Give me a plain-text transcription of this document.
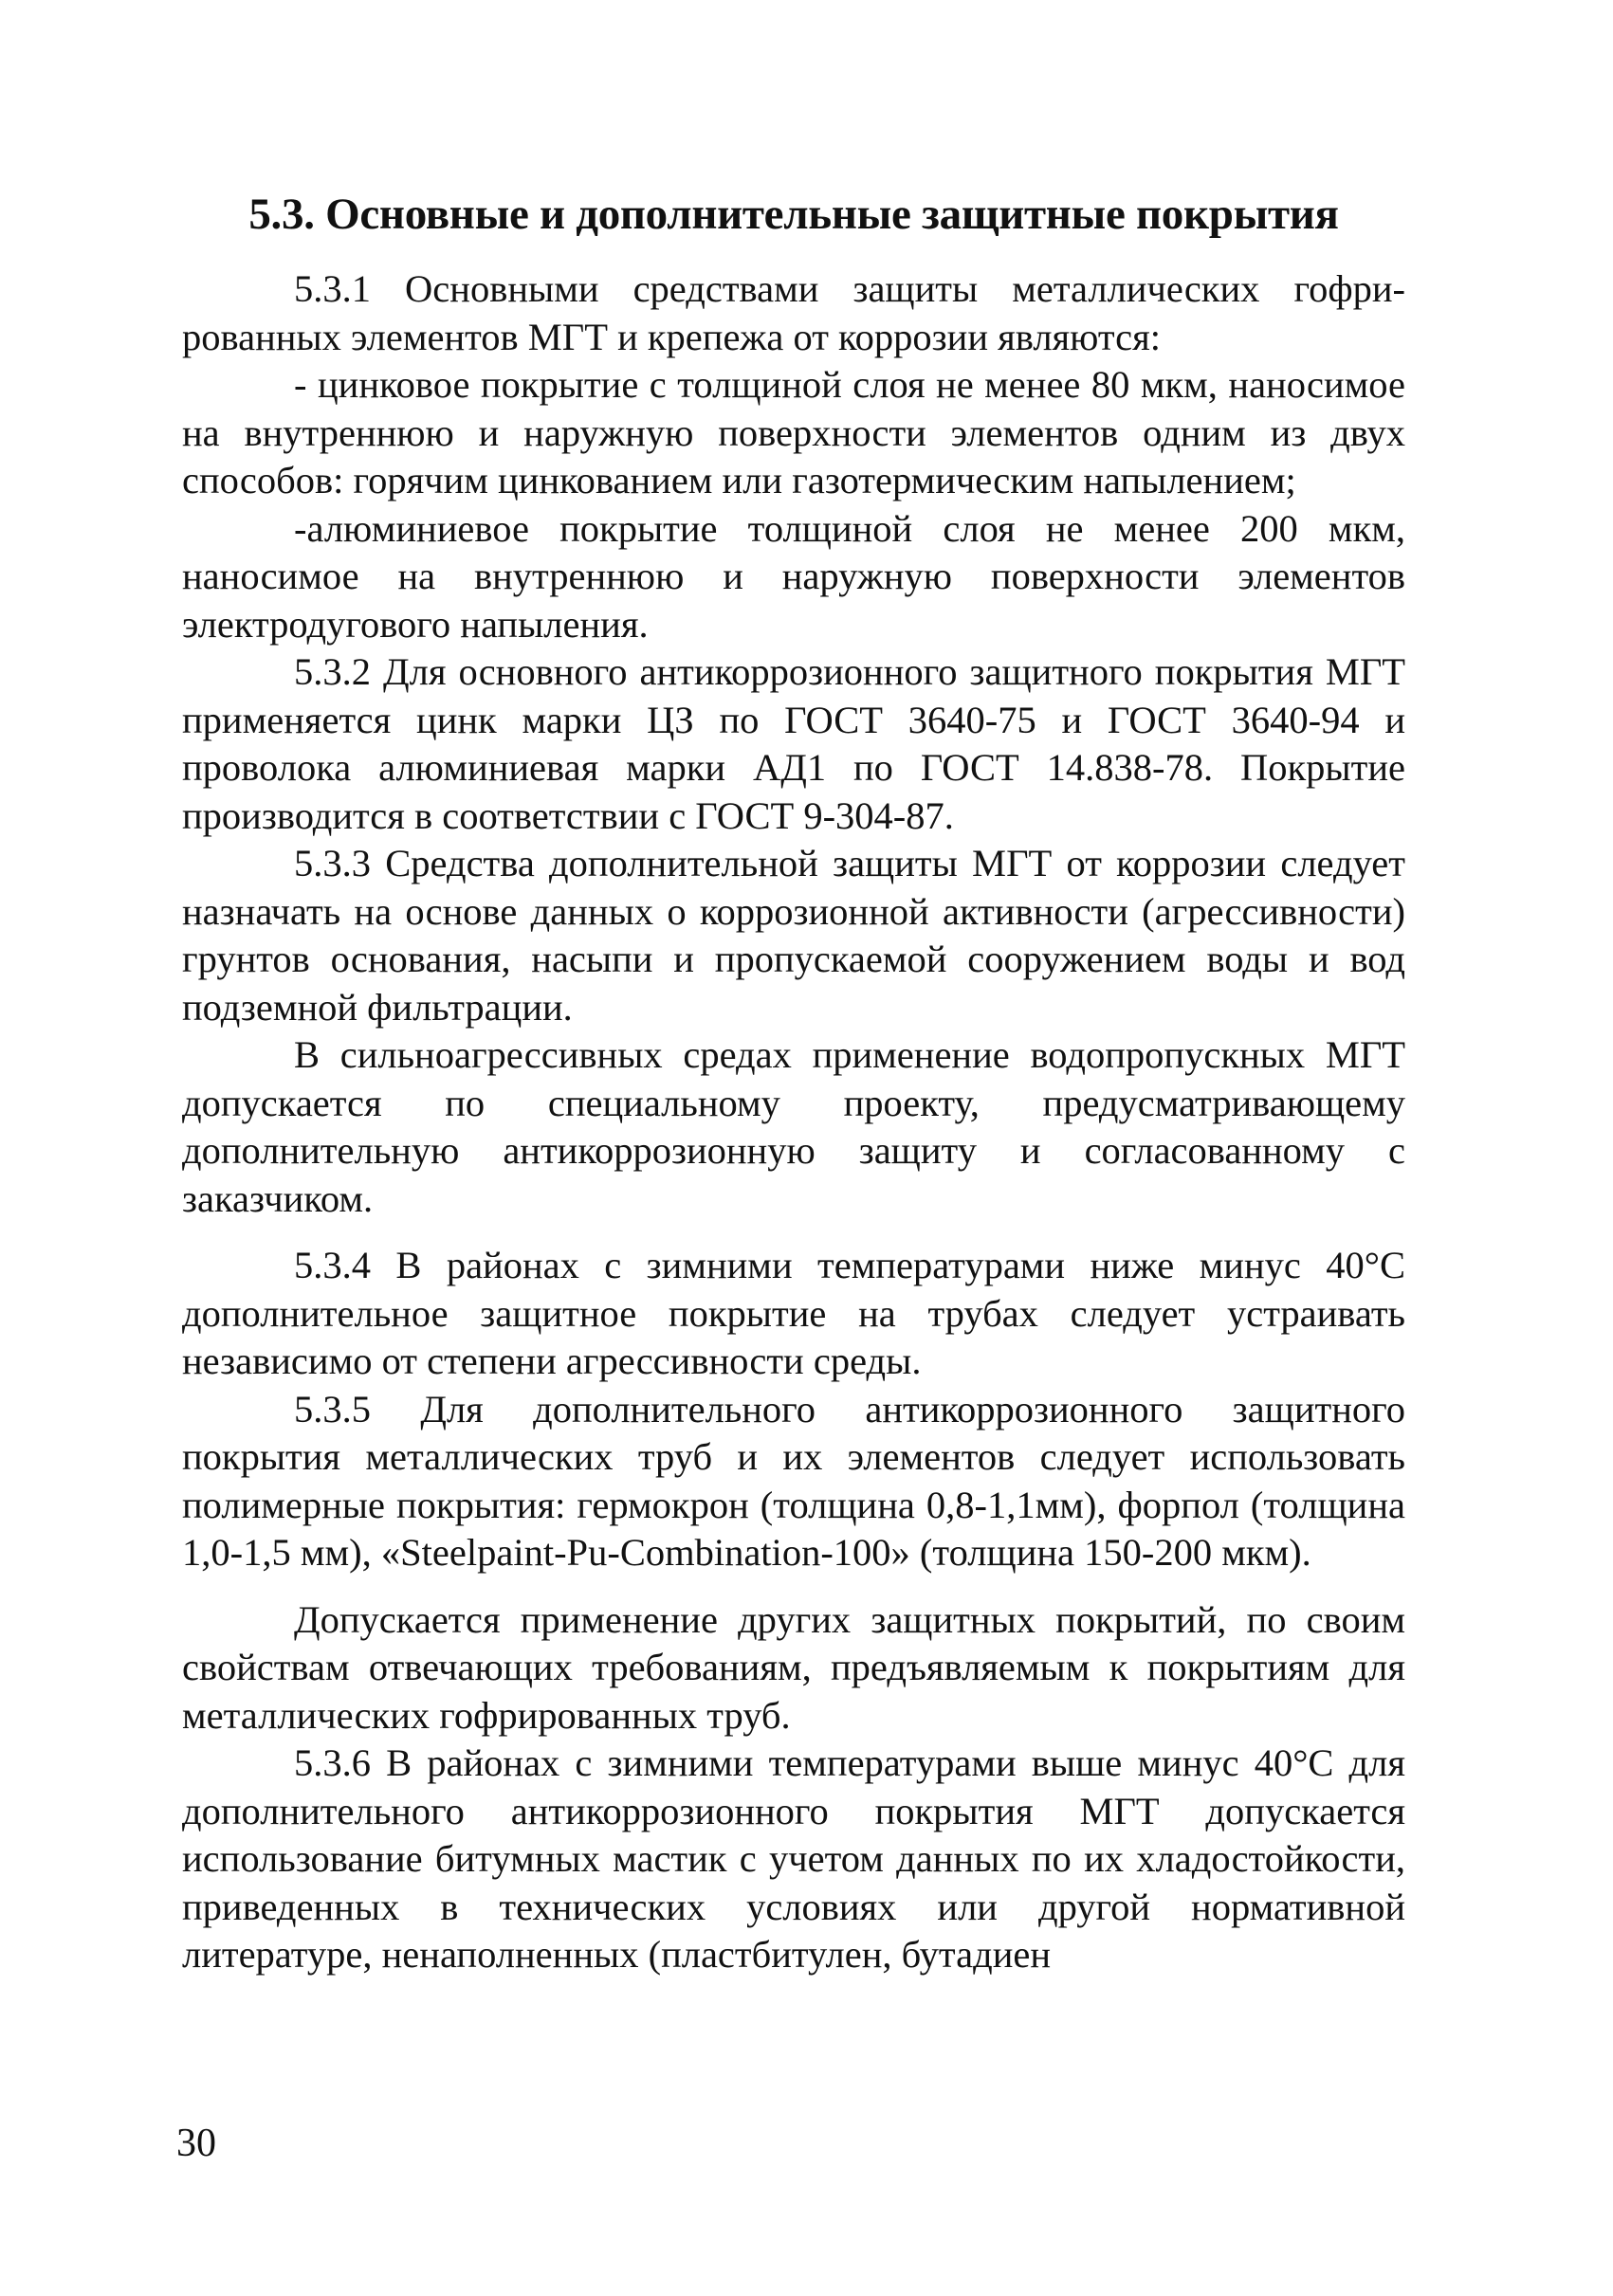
5.3. Основные и дополнительные защитные покрытия

5.3.1 Основными средствами защиты металлических гофрированных элементов МГТ и крепежа от коррозии являются:

- цинковое покрытие с толщиной слоя не менее 80 мкм, наносимое на внутреннюю и наружную поверхности элементов одним из двух способов: горячим цинкованием или газотермическим напылением;

-алюминиевое покрытие толщиной слоя не менее 200 мкм, наносимое на внутреннюю и наружную поверхности элементов электродугового напыления.

5.3.2 Для основного антикоррозионного защитного покрытия МГТ применяется цинк марки ЦЗ по ГОСТ 3640-75 и ГОСТ 3640-94 и проволока алюминиевая марки АД1 по ГОСТ 14.838-78. Покрытие производится в соответствии с ГОСТ 9-304-87.

5.3.3 Средства дополнительной защиты МГТ от коррозии следует назначать на основе данных о коррозионной активности (агрессивности) грунтов основания, насыпи и пропускаемой сооружением воды и вод подземной фильтрации.

В сильноагрессивных средах применение водопропускных МГТ допускается по специальному проекту, предусматривающему дополнительную антикоррозионную защиту и согласованному с заказчиком.

5.3.4 В районах с зимними температурами ниже минус 40°С дополнительное защитное покрытие на трубах следует устраивать независимо от степени агрессивности среды.

5.3.5 Для дополнительного антикоррозионного защитного покрытия металлических труб и их элементов следует использовать полимерные покрытия: гермокрон (толщина 0,8-1,1мм), форпол (толщина 1,0-1,5 мм), «Steelpaint-Pu-Combination-100» (толщина 150-200 мкм).

Допускается применение других защитных покрытий, по своим свойствам отвечающих требованиям, предъявляемым к покрытиям для металлических гофрированных труб.

5.3.6 В районах с зимними температурами выше минус 40°С для дополнительного антикоррозионного покрытия МГТ допускается использование битумных мастик с учетом данных по их хладостойкости, приведенных в технических условиях или другой нормативной литературе, ненаполненных (пластбитулен, бутадиен

30
